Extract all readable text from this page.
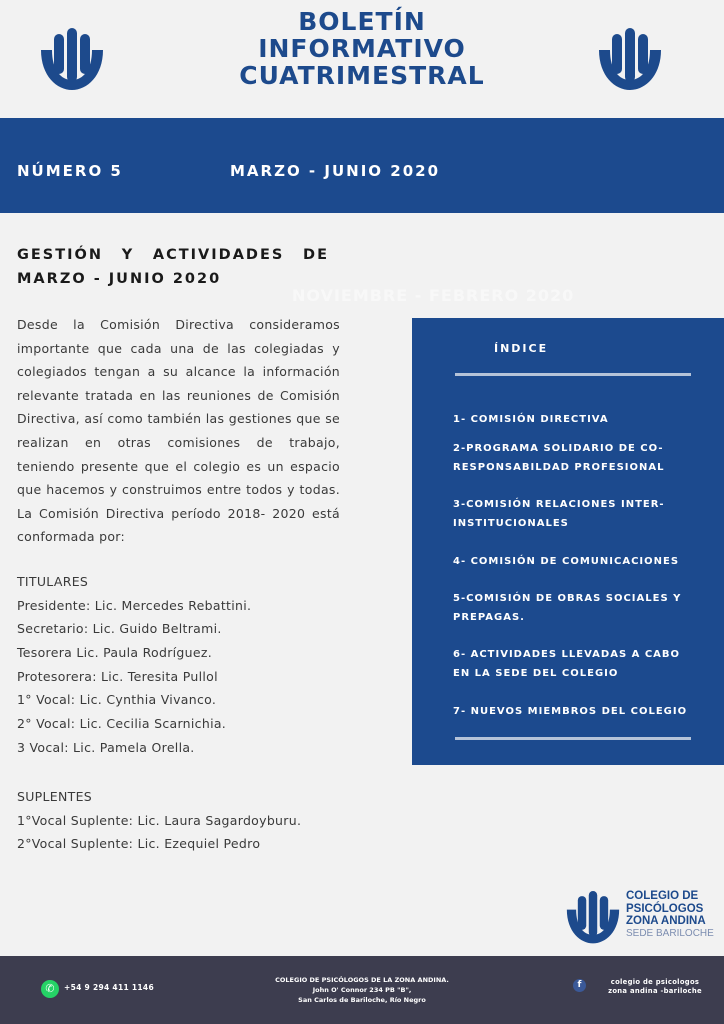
BOLETÍN
INFORMATIVO
CUATRIMESTRAL
NÚMERO 5	MARZO - JUNIO 2020
GESTIÓN Y ACTIVIDADES DE
MARZO - JUNIO 2020
NOVIEMBRE - FEBRERO 2020
Desde la Comisión Directiva consideramos importante que cada una de las colegiadas y colegiados tengan a su alcance la información relevante tratada en las reuniones de Comisión Directiva, así como también las gestiones que se realizan en otras comisiones de trabajo, teniendo presente que el colegio es un espacio que hacemos y construimos entre todos y todas. La Comisión Directiva período 2018- 2020 está conformada por:
TITULARES
Presidente: Lic. Mercedes Rebattini.
Secretario: Lic. Guido Beltrami.
Tesorera Lic. Paula Rodríguez.
Protesorera: Lic. Teresita Pullol
1° Vocal: Lic. Cynthia Vivanco.
2° Vocal: Lic. Cecilia Scarnichia.
3 Vocal: Lic. Pamela Orella.
SUPLENTES
1°Vocal Suplente: Lic. Laura Sagardoyburu.
2°Vocal Suplente: Lic. Ezequiel Pedro
ÍNDICE
1- COMISIÓN DIRECTIVA
2-PROGRAMA SOLIDARIO DE CO-RESPONSABILDAD PROFESIONAL
3-COMISIÓN RELACIONES INTER-INSTITUCIONALES
4- COMISIÓN DE COMUNICACIONES
5-COMISIÓN DE OBRAS SOCIALES Y PREPAGAS.
6- ACTIVIDADES LLEVADAS A CABO EN LA SEDE DEL COLEGIO
7- NUEVOS MIEMBROS DEL COLEGIO
COLEGIO DE
PSICÓLOGOS
ZONA ANDINA
SEDE BARILOCHE
✆	+54 9 294 411 1146
COLEGIO DE PSICÓLOGOS DE LA ZONA ANDINA.
John O' Connor 234 PB "B",
San Carlos de Bariloche, Río Negro
f	colegio de psicologos
zona andina -bariloche
